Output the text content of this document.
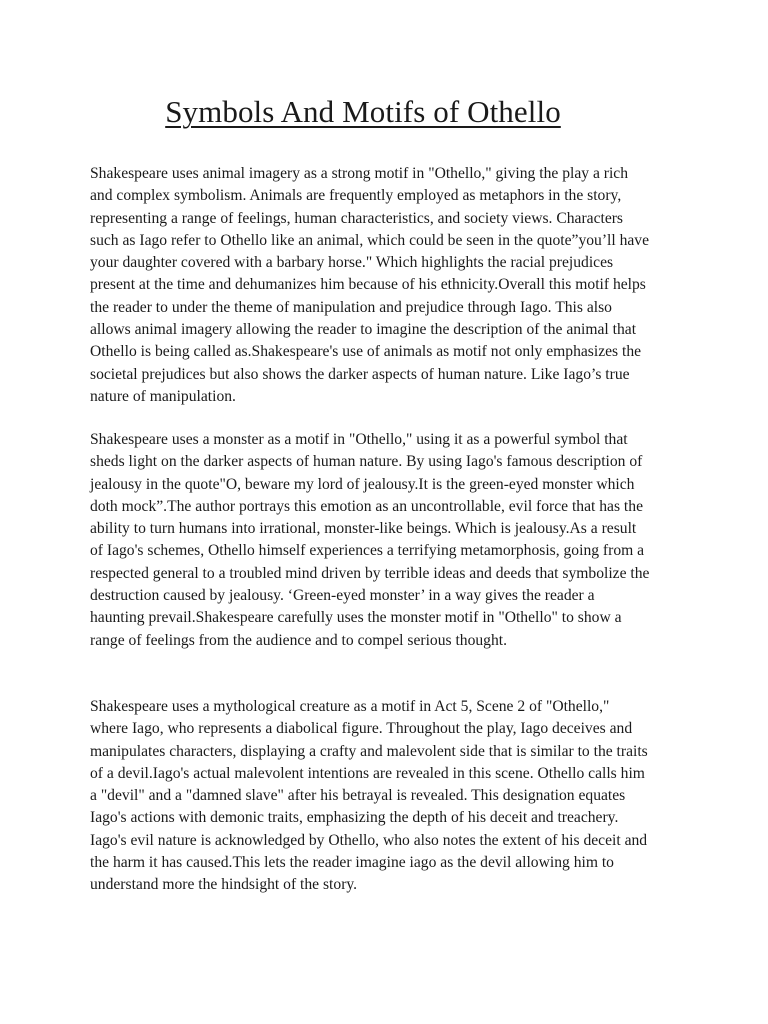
Symbols And Motifs of Othello

Shakespeare uses animal imagery as a strong motif in "Othello," giving the play a rich
and complex symbolism. Animals are frequently employed as metaphors in the story,
representing a range of feelings, human characteristics, and society views. Characters
such as Iago refer to Othello like an animal, which could be seen in the quote”you’ll have
your daughter covered with a barbary horse." Which highlights the racial prejudices
present at the time and dehumanizes him because of his ethnicity.Overall this motif helps
the reader to under the theme of manipulation and prejudice through Iago. This also
allows animal imagery allowing the reader to imagine the description of the animal that
Othello is being called as.Shakespeare's use of animals as motif not only emphasizes the
societal prejudices but also shows the darker aspects of human nature. Like Iago’s true
nature of manipulation.

Shakespeare uses a monster as a motif in "Othello," using it as a powerful symbol that
sheds light on the darker aspects of human nature. By using Iago's famous description of
jealousy in the quote"O, beware my lord of jealousy.It is the green-eyed monster which
doth mock”.The author portrays this emotion as an uncontrollable, evil force that has the
ability to turn humans into irrational, monster-like beings. Which is jealousy.As a result
of Iago's schemes, Othello himself experiences a terrifying metamorphosis, going from a
respected general to a troubled mind driven by terrible ideas and deeds that symbolize the
destruction caused by jealousy. ‘Green-eyed monster’ in a way gives the reader a
haunting prevail.Shakespeare carefully uses the monster motif in "Othello" to show a
range of feelings from the audience and to compel serious thought.

Shakespeare uses a mythological creature as a motif in Act 5, Scene 2 of "Othello,"
where Iago, who represents a diabolical figure. Throughout the play, Iago deceives and
manipulates characters, displaying a crafty and malevolent side that is similar to the traits
of a devil.Iago's actual malevolent intentions are revealed in this scene. Othello calls him
a "devil" and a "damned slave" after his betrayal is revealed. This designation equates
Iago's actions with demonic traits, emphasizing the depth of his deceit and treachery.
Iago's evil nature is acknowledged by Othello, who also notes the extent of his deceit and
the harm it has caused.This lets the reader imagine iago as the devil allowing him to
understand more the hindsight of the story.
